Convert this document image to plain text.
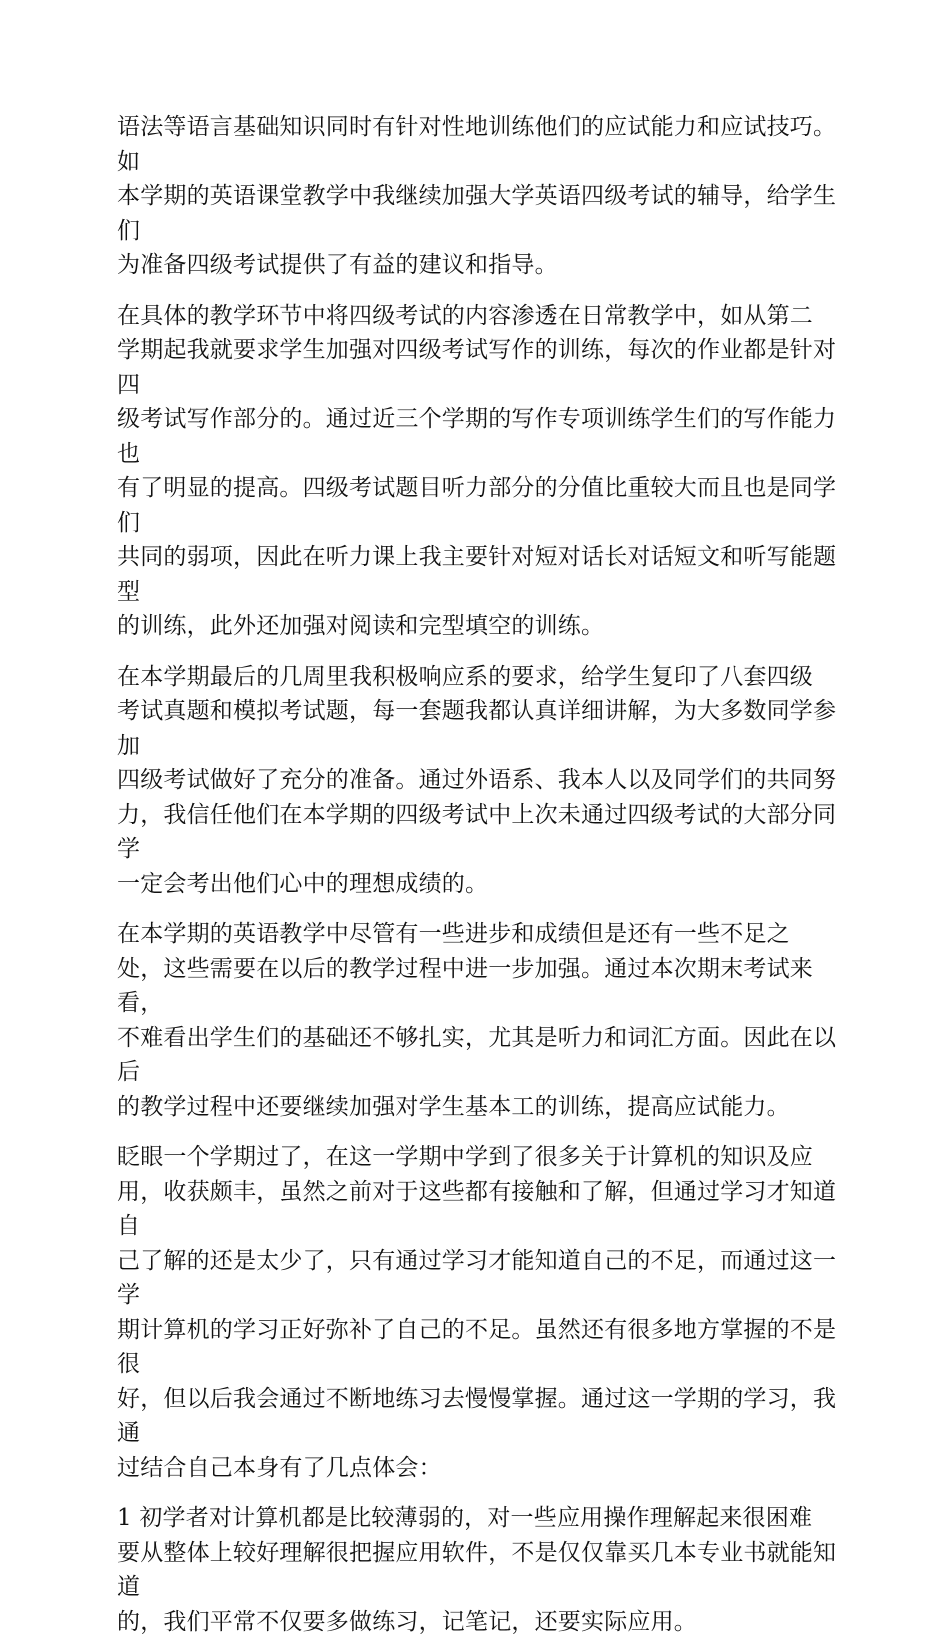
语法等语言基础知识同时有针对性地训练他们的应试能力和应试技巧。如
本学期的英语课堂教学中我继续加强大学英语四级考试的辅导，给学生们
为准备四级考试提供了有益的建议和指导。

在具体的教学环节中将四级考试的内容渗透在日常教学中，如从第二
学期起我就要求学生加强对四级考试写作的训练，每次的作业都是针对四
级考试写作部分的。通过近三个学期的写作专项训练学生们的写作能力也
有了明显的提高。四级考试题目听力部分的分值比重较大而且也是同学们
共同的弱项，因此在听力课上我主要针对短对话长对话短文和听写能题型
的训练，此外还加强对阅读和完型填空的训练。

在本学期最后的几周里我积极响应系的要求，给学生复印了八套四级
考试真题和模拟考试题，每一套题我都认真详细讲解，为大多数同学参加
四级考试做好了充分的准备。通过外语系、我本人以及同学们的共同努
力，我信任他们在本学期的四级考试中上次未通过四级考试的大部分同学
一定会考出他们心中的理想成绩的。

在本学期的英语教学中尽管有一些进步和成绩但是还有一些不足之
处，这些需要在以后的教学过程中进一步加强。通过本次期末考试来看，
不难看出学生们的基础还不够扎实，尤其是听力和词汇方面。因此在以后
的教学过程中还要继续加强对学生基本工的训练，提高应试能力。

眨眼一个学期过了，在这一学期中学到了很多关于计算机的知识及应
用，收获颇丰，虽然之前对于这些都有接触和了解，但通过学习才知道自
己了解的还是太少了，只有通过学习才能知道自己的不足，而通过这一学
期计算机的学习正好弥补了自己的不足。虽然还有很多地方掌握的不是很
好，但以后我会通过不断地练习去慢慢掌握。通过这一学期的学习，我通
过结合自己本身有了几点体会：

1 初学者对计算机都是比较薄弱的，对一些应用操作理解起来很困难
要从整体上较好理解很把握应用软件，不是仅仅靠买几本专业书就能知道
的，我们平常不仅要多做练习，记笔记，还要实际应用。
